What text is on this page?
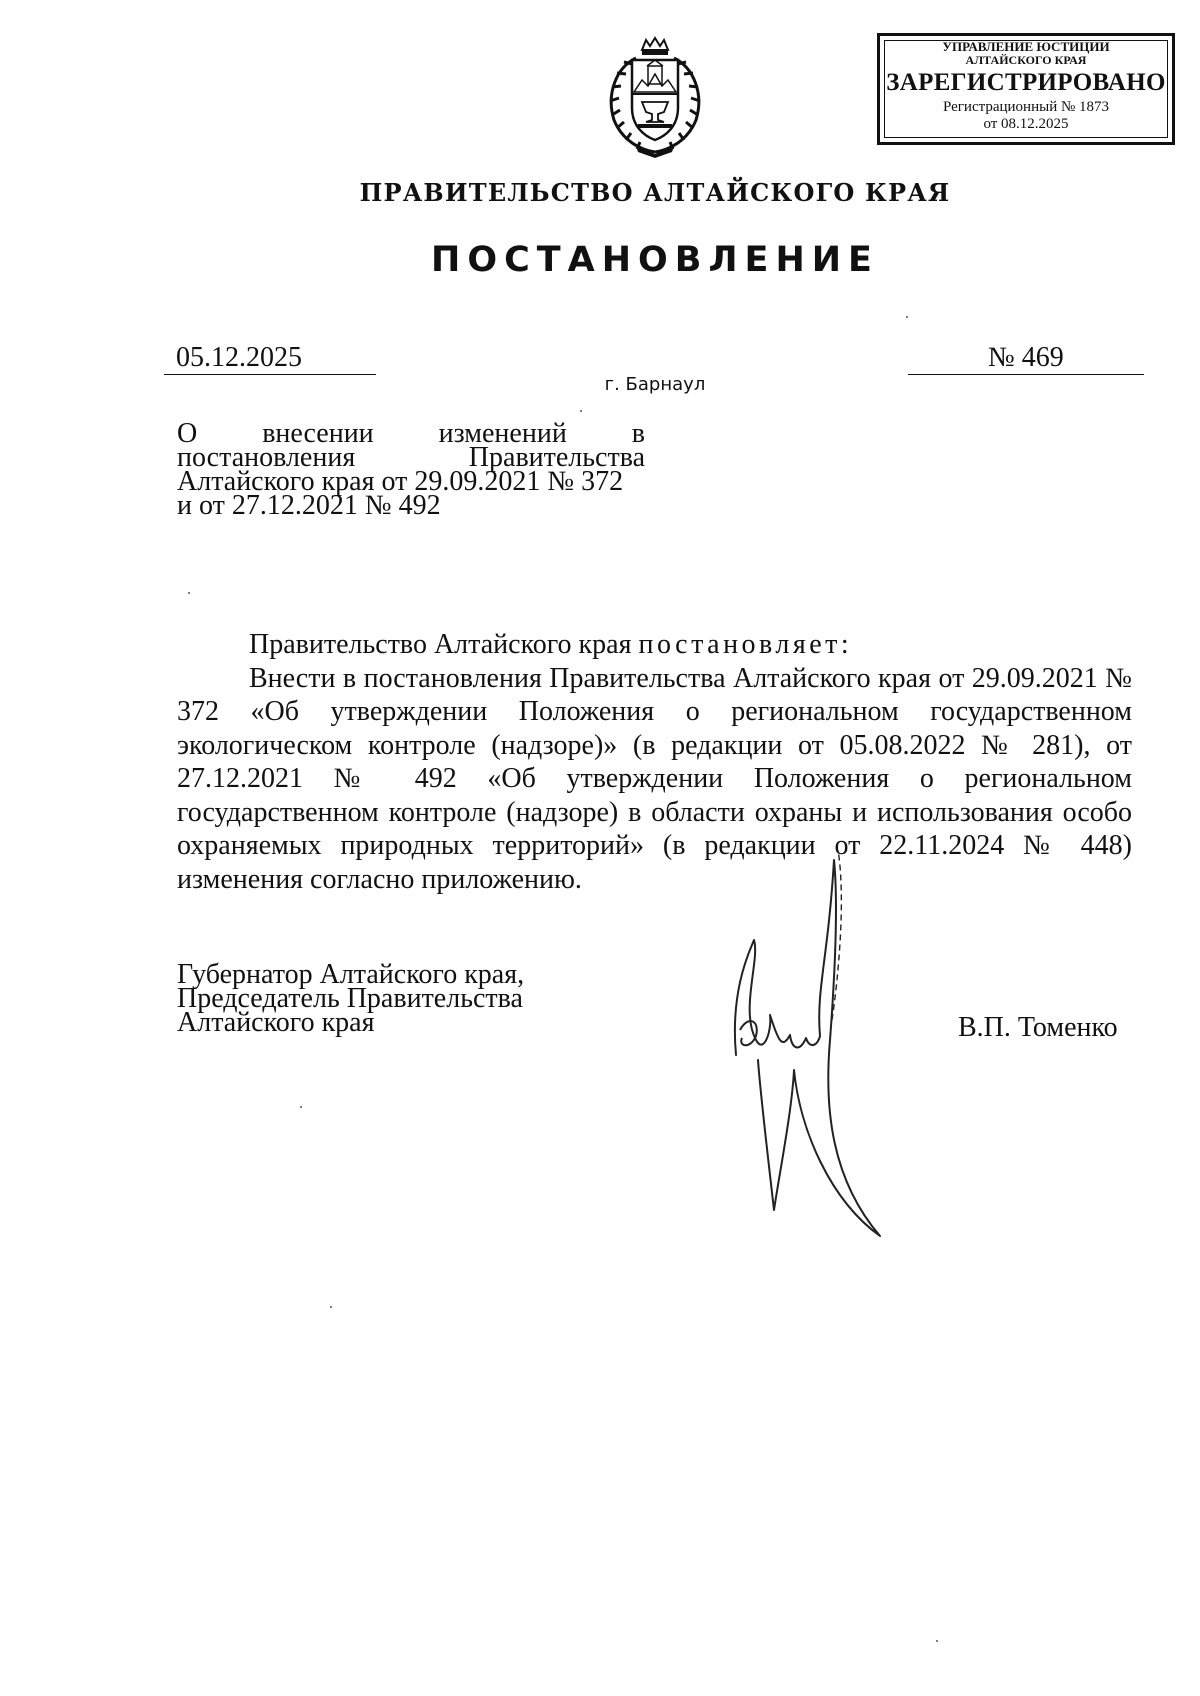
УПРАВЛЕНИЕ ЮСТИЦИИ
АЛТАЙСКОГО КРАЯ
ЗАРЕГИСТРИРОВАНО
Регистрационный № 1873
от 08.12.2025
ПРАВИТЕЛЬСТВО АЛТАЙСКОГО КРАЯ
ПОСТАНОВЛЕНИЕ
05.12.2025	№ 469
г. Барнаул
О внесении изменений в
постановления Правительства
Алтайского края от 29.09.2021 № 372
и от 27.12.2021 № 492

Правительство Алтайского края постановляет:

Внести в постановления Правительства Алтайского края от 29.09.2021 № 372 «Об утверждении Положения о региональном государственном экологическом контроле (надзоре)» (в редакции от 05.08.2022 № 281), от 27.12.2021 № 492 «Об утверждении Положения о региональном государственном контроле (надзоре) в области охраны и использования особо охраняемых природных территорий» (в редакции от 22.11.2024 № 448) изменения согласно приложению.

Губернатор Алтайского края,
Председатель Правительства
Алтайского края	В.П. Томенко
